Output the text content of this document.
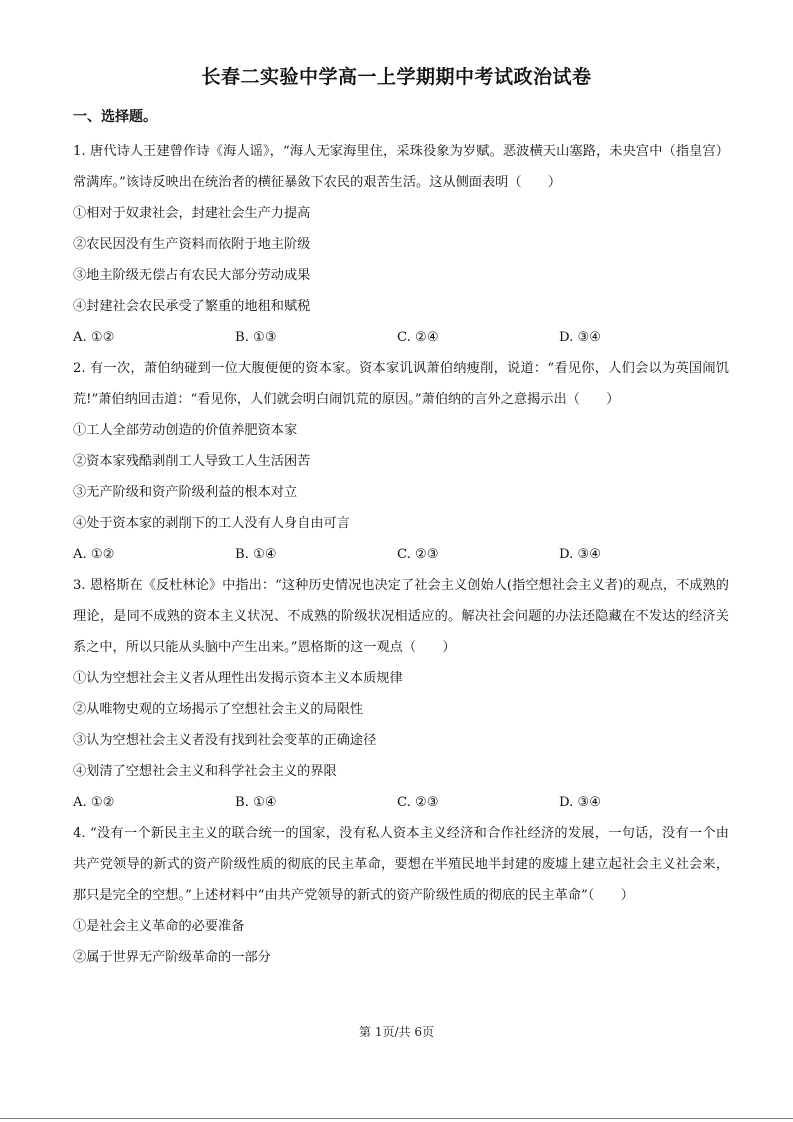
长春二实验中学高一上学期期中考试政治试卷
一、选择题。

1. 唐代诗人王建曾作诗《海人谣》，“海人无家海里住，采珠役象为岁赋。恶波横天山塞路，未央宫中（指皇宫）常满库。”该诗反映出在统治者的横征暴敛下农民的艰苦生活。这从侧面表明（　　）

①相对于奴隶社会，封建社会生产力提高

②农民因没有生产资料而依附于地主阶级

③地主阶级无偿占有农民大部分劳动成果

④封建社会农民承受了繁重的地租和赋税

A. ①②	B. ①③	C. ②④	D. ③④

2. 有一次，萧伯纳碰到一位大腹便便的资本家。资本家讥讽萧伯纳瘦削，说道：“看见你，人们会以为英国闹饥荒!”萧伯纳回击道：“看见你，人们就会明白闹饥荒的原因。”萧伯纳的言外之意揭示出（　　）

①工人全部劳动创造的价值养肥资本家

②资本家残酷剥削工人导致工人生活困苦

③无产阶级和资产阶级利益的根本对立

④处于资本家的剥削下的工人没有人身自由可言

A. ①②	B. ①④	C. ②③	D. ③④

3. 恩格斯在《反杜林论》中指出：“这种历史情况也决定了社会主义创始人(指空想社会主义者)的观点，不成熟的理论，是同不成熟的资本主义状况、不成熟的阶级状况相适应的。解决社会问题的办法还隐藏在不发达的经济关系之中，所以只能从头脑中产生出来。”恩格斯的这一观点（　　）

①认为空想社会主义者从理性出发揭示资本主义本质规律

②从唯物史观的立场揭示了空想社会主义的局限性

③认为空想社会主义者没有找到社会变革的正确途径

④划清了空想社会主义和科学社会主义的界限

A. ①②	B. ①④	C. ②③	D. ③④

4. “没有一个新民主主义的联合统一的国家，没有私人资本主义经济和合作社经济的发展，一句话，没有一个由共产党领导的新式的资产阶级性质的彻底的民主革命，要想在半殖民地半封建的废墟上建立起社会主义社会来，那只是完全的空想。”上述材料中“由共产党领导的新式的资产阶级性质的彻底的民主革命”（　　）

①是社会主义革命的必要准备

②属于世界无产阶级革命的一部分

第 1页/共 6页
